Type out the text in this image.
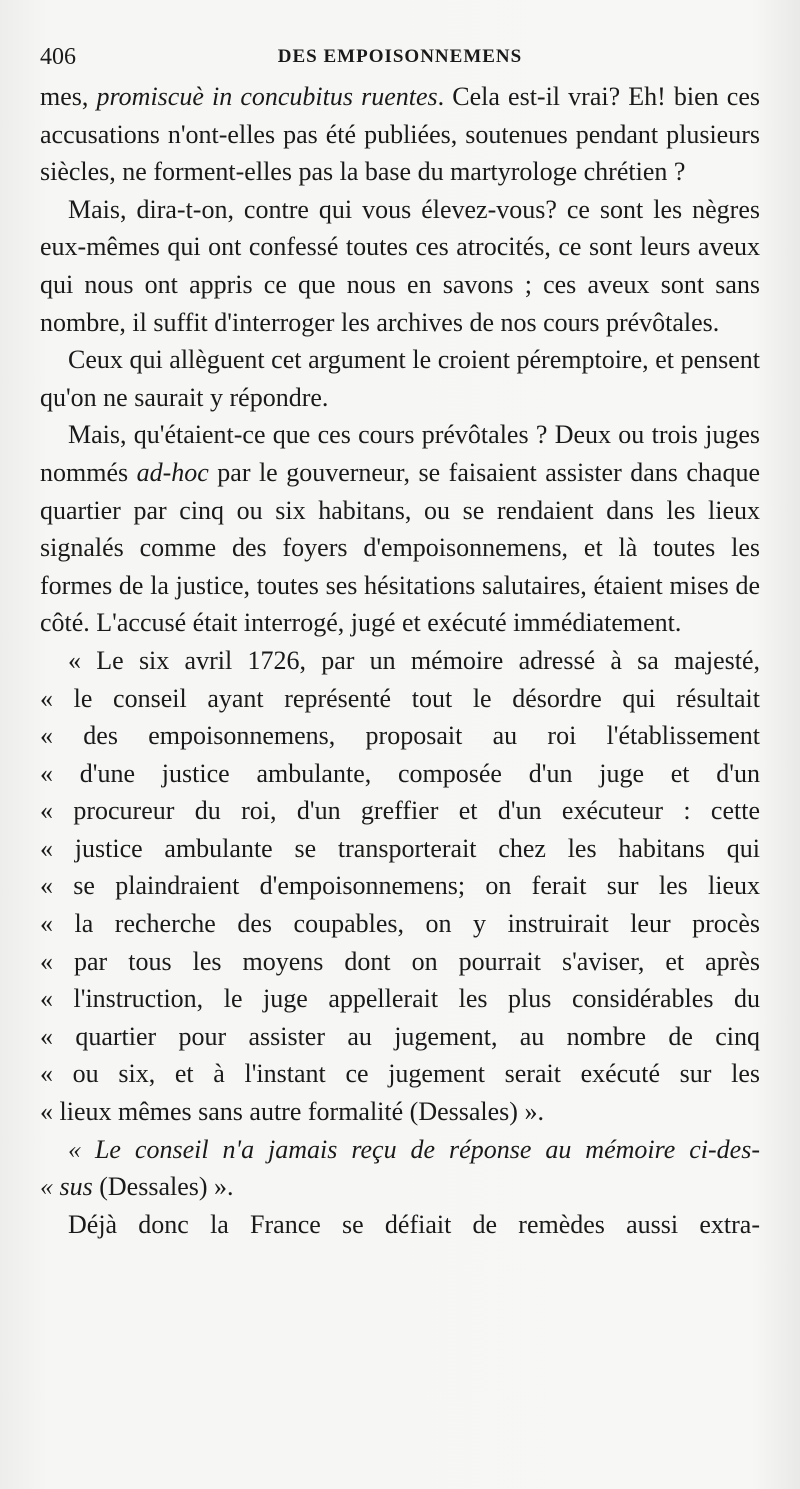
406	DES EMPOISONNEMENS

mes, promiscuè in concubitus ruentes. Cela est-il vrai? Eh! bien ces accusations n'ont-elles pas été publiées, soutenues pendant plusieurs siècles, ne forment-elles pas la base du martyrologe chrétien ?

Mais, dira-t-on, contre qui vous élevez-vous? ce sont les nègres eux-mêmes qui ont confessé toutes ces atrocités, ce sont leurs aveux qui nous ont appris ce que nous en savons ; ces aveux sont sans nombre, il suffit d'interroger les archives de nos cours prévôtales.

Ceux qui allèguent cet argument le croient péremptoire, et pensent qu'on ne saurait y répondre.

Mais, qu'étaient-ce que ces cours prévôtales ? Deux ou trois juges nommés ad-hoc par le gouverneur, se faisaient assister dans chaque quartier par cinq ou six habitans, ou se rendaient dans les lieux signalés comme des foyers d'empoisonnemens, et là toutes les formes de la justice, toutes ses hésitations salutaires, étaient mises de côté. L'accusé était interrogé, jugé et exécuté immédiatement.

« Le six avril 1726, par un mémoire adressé à sa majesté,
« le conseil ayant représenté tout le désordre qui résultait
« des empoisonnemens, proposait au roi l'établissement
« d'une justice ambulante, composée d'un juge et d'un
« procureur du roi, d'un greffier et d'un exécuteur : cette
« justice ambulante se transporterait chez les habitans qui
« se plaindraient d'empoisonnemens; on ferait sur les lieux
« la recherche des coupables, on y instruirait leur procès
« par tous les moyens dont on pourrait s'aviser, et après
« l'instruction, le juge appellerait les plus considérables du
« quartier pour assister au jugement, au nombre de cinq
« ou six, et à l'instant ce jugement serait exécuté sur les
« lieux mêmes sans autre formalité (Dessales) ».
« Le conseil n'a jamais reçu de réponse au mémoire ci-des-
« sus (Dessales) ».

Déjà donc la France se défiait de remèdes aussi extra-
